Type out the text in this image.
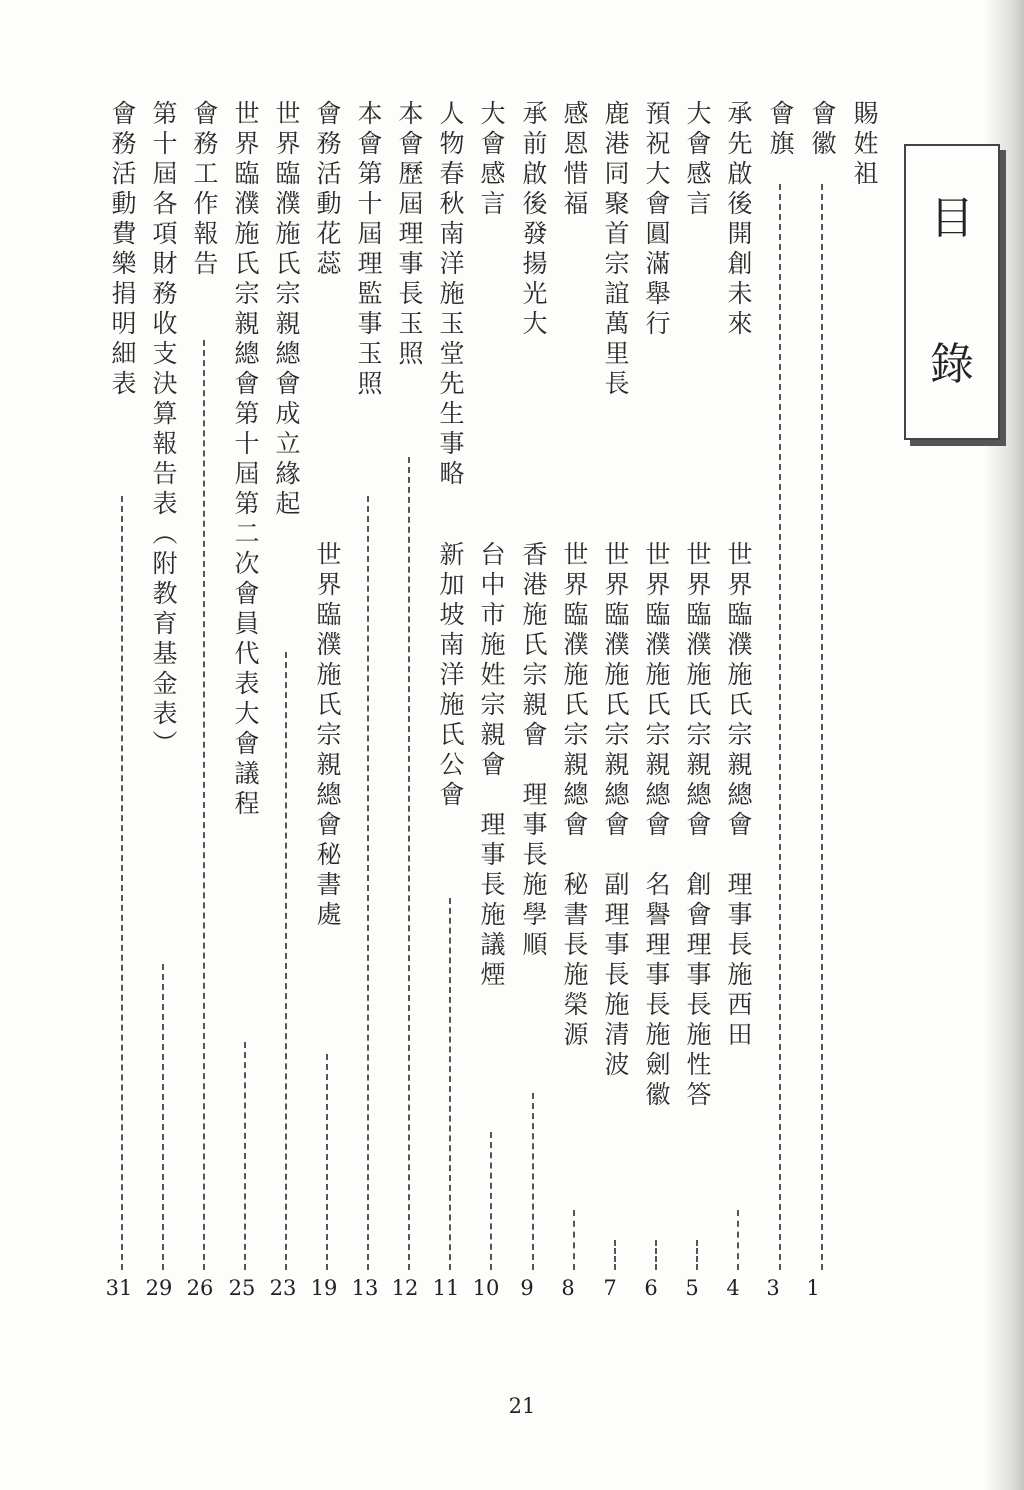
目
錄
賜姓祖
1
會徽
3
會旗
4
承先啟後開創未來
世界臨濮施氏宗親總會　理事長施西田
5
大會感言
世界臨濮施氏宗親總會　創會理事長施性答
6
預祝大會圓滿舉行
世界臨濮施氏宗親總會　名譽理事長施劍徽
7
鹿港同聚首宗誼萬里長
世界臨濮施氏宗親總會　副理事長施清波
8
感恩惜福
世界臨濮施氏宗親總會　秘書長施榮源
9
承前啟後發揚光大
香港施氏宗親會　理事長施學順
10
大會感言
台中市施姓宗親會　理事長施議煙
11
人物春秋南洋施玉堂先生事略
新加坡南洋施氏公會
12
本會歷屆理事長玉照
13
本會第十屆理監事玉照
19
會務活動花蕊
世界臨濮施氏宗親總會秘書處
23
世界臨濮施氏宗親總會成立緣起
25
世界臨濮施氏宗親總會第十屆第二次會員代表大會議程
26
會務工作報告
29
第十屆各項財務收支決算報告表（附教育基金表）
31
會務活動費樂捐明細表
21
